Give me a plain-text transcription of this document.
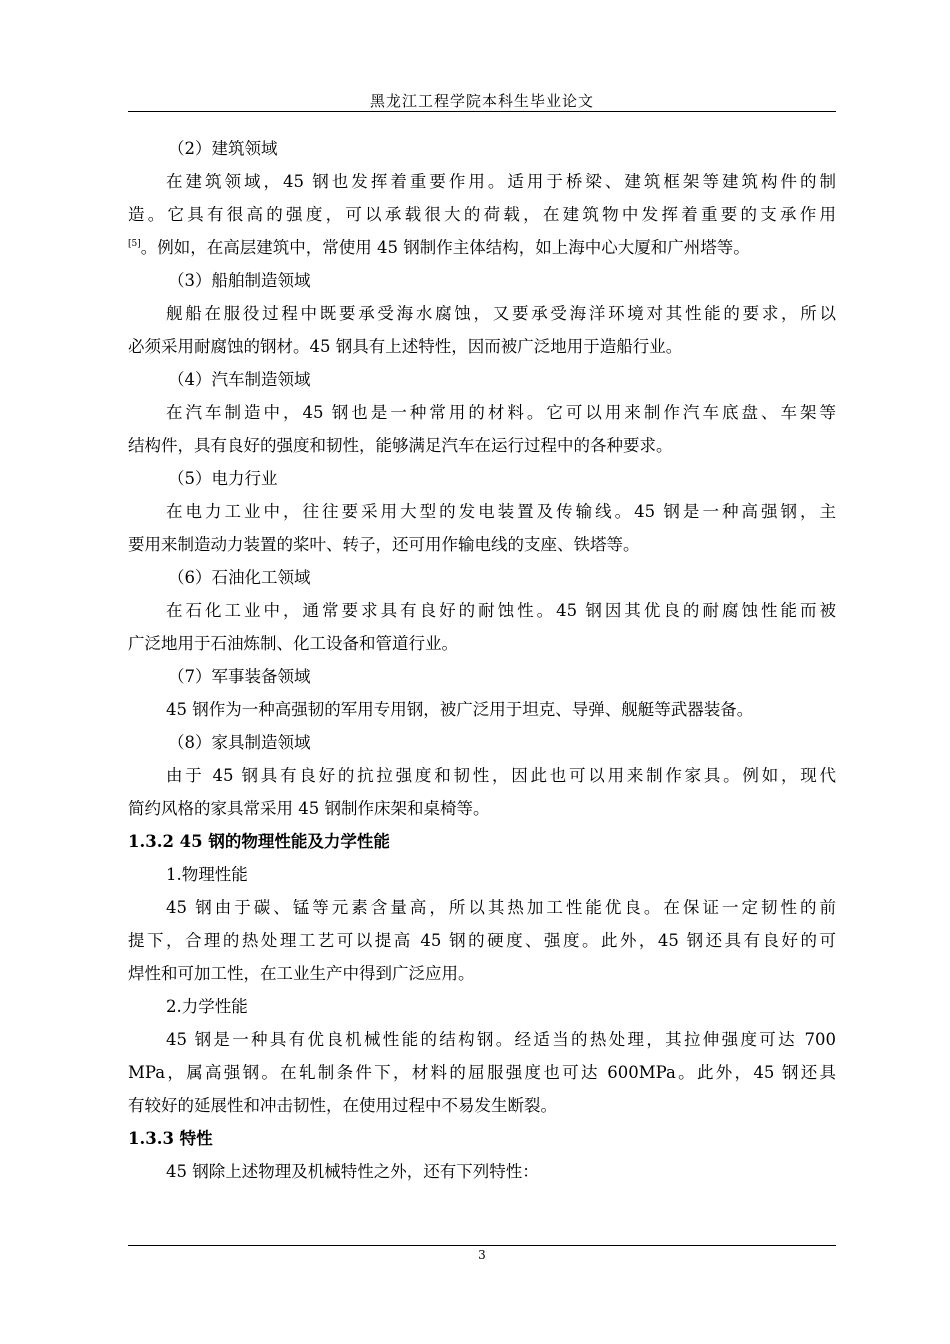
黑龙江工程学院本科生毕业论文
（2）建筑领域
在建筑领域，45 钢也发挥着重要作用。适用于桥梁、建筑框架等建筑构件的制
造。它具有很高的强度，可以承载很大的荷载，在建筑物中发挥着重要的支承作用
[5]。例如，在高层建筑中，常使用 45 钢制作主体结构，如上海中心大厦和广州塔等。
（3）船舶制造领域
舰船在服役过程中既要承受海水腐蚀，又要承受海洋环境对其性能的要求，所以
必须采用耐腐蚀的钢材。45 钢具有上述特性，因而被广泛地用于造船行业。
（4）汽车制造领域
在汽车制造中，45 钢也是一种常用的材料。它可以用来制作汽车底盘、车架等
结构件，具有良好的强度和韧性，能够满足汽车在运行过程中的各种要求。
（5）电力行业
在电力工业中，往往要采用大型的发电装置及传输线。45 钢是一种高强钢，主
要用来制造动力装置的桨叶、转子，还可用作输电线的支座、铁塔等。
（6）石油化工领域
在石化工业中，通常要求具有良好的耐蚀性。45 钢因其优良的耐腐蚀性能而被
广泛地用于石油炼制、化工设备和管道行业。
（7）军事装备领域
45 钢作为一种高强韧的军用专用钢，被广泛用于坦克、导弹、舰艇等武器装备。
（8）家具制造领域
由于 45 钢具有良好的抗拉强度和韧性，因此也可以用来制作家具。例如，现代
简约风格的家具常采用 45 钢制作床架和桌椅等。
1.3.2 45 钢的物理性能及力学性能
1.物理性能
45 钢由于碳、锰等元素含量高，所以其热加工性能优良。在保证一定韧性的前
提下，合理的热处理工艺可以提高 45 钢的硬度、强度。此外，45 钢还具有良好的可
焊性和可加工性，在工业生产中得到广泛应用。
2.力学性能
45 钢是一种具有优良机械性能的结构钢。经适当的热处理，其拉伸强度可达 700
MPa，属高强钢。在轧制条件下，材料的屈服强度也可达 600MPa。此外，45 钢还具
有较好的延展性和冲击韧性，在使用过程中不易发生断裂。
1.3.3 特性
45 钢除上述物理及机械特性之外，还有下列特性：
3
